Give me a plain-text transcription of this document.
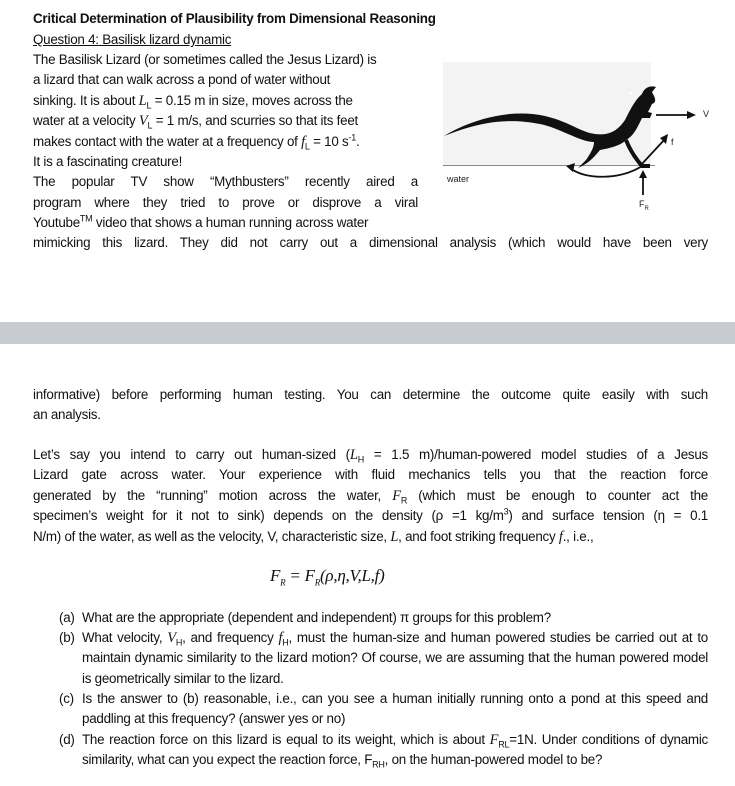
Critical Determination of Plausibility from Dimensional Reasoning
Question 4: Basilisk lizard dynamic
The Basilisk Lizard (or sometimes called the Jesus Lizard) is
a lizard that can walk across a pond of water without
sinking. It is about $L_L = 0.15$ m in size, moves across the
water at a velocity $V_L = 1$ m/s, and scurries so that its feet
makes contact with the water at a frequency of $f_L = 10$ $s^{-1}$.
It is a fascinating creature!
The popular TV show “Mythbusters” recently aired a
program where they tried to prove or disprove a viral
Youtube™ video that shows a human running across water
mimicking this lizard. They did not carry out a dimensional analysis (which would have been very
water
V
f
$F_R$
informative) before performing human testing. You can determine the outcome quite easily with such
an analysis.
Let’s say you intend to carry out human-sized ($L_H = 1.5$ m)/human-powered model studies of a Jesus
Lizard gate across water. Your experience with fluid mechanics tells you that the reaction force
generated by the “running” motion across the water, $F_R$ (which must be enough to counter act the
specimen’s weight for it not to sink) depends on the density (ρ =1 $kg/m^3$) and surface tension (η = 0.1
N/m) of the water, as well as the velocity, V, characteristic size, L, and foot striking frequency f., i.e.,
$F_R = F_R(\rho,\eta,V,L,f)$
(a) What are the appropriate (dependent and independent) π groups for this problem?
(b) What velocity, $V_H$, and frequency $f_H$, must the human-size and human powered studies be carried out at to maintain dynamic similarity to the lizard motion? Of course, we are assuming that the human powered model is geometrically similar to the lizard.
(c) Is the answer to (b) reasonable, i.e., can you see a human initially running onto a pond at this speed and paddling at this frequency? (answer yes or no)
(d) The reaction force on this lizard is equal to its weight, which is about $F_{RL}=1N$. Under conditions of dynamic similarity, what can you expect the reaction force, $F_{RH}$, on the human-powered model to be?
